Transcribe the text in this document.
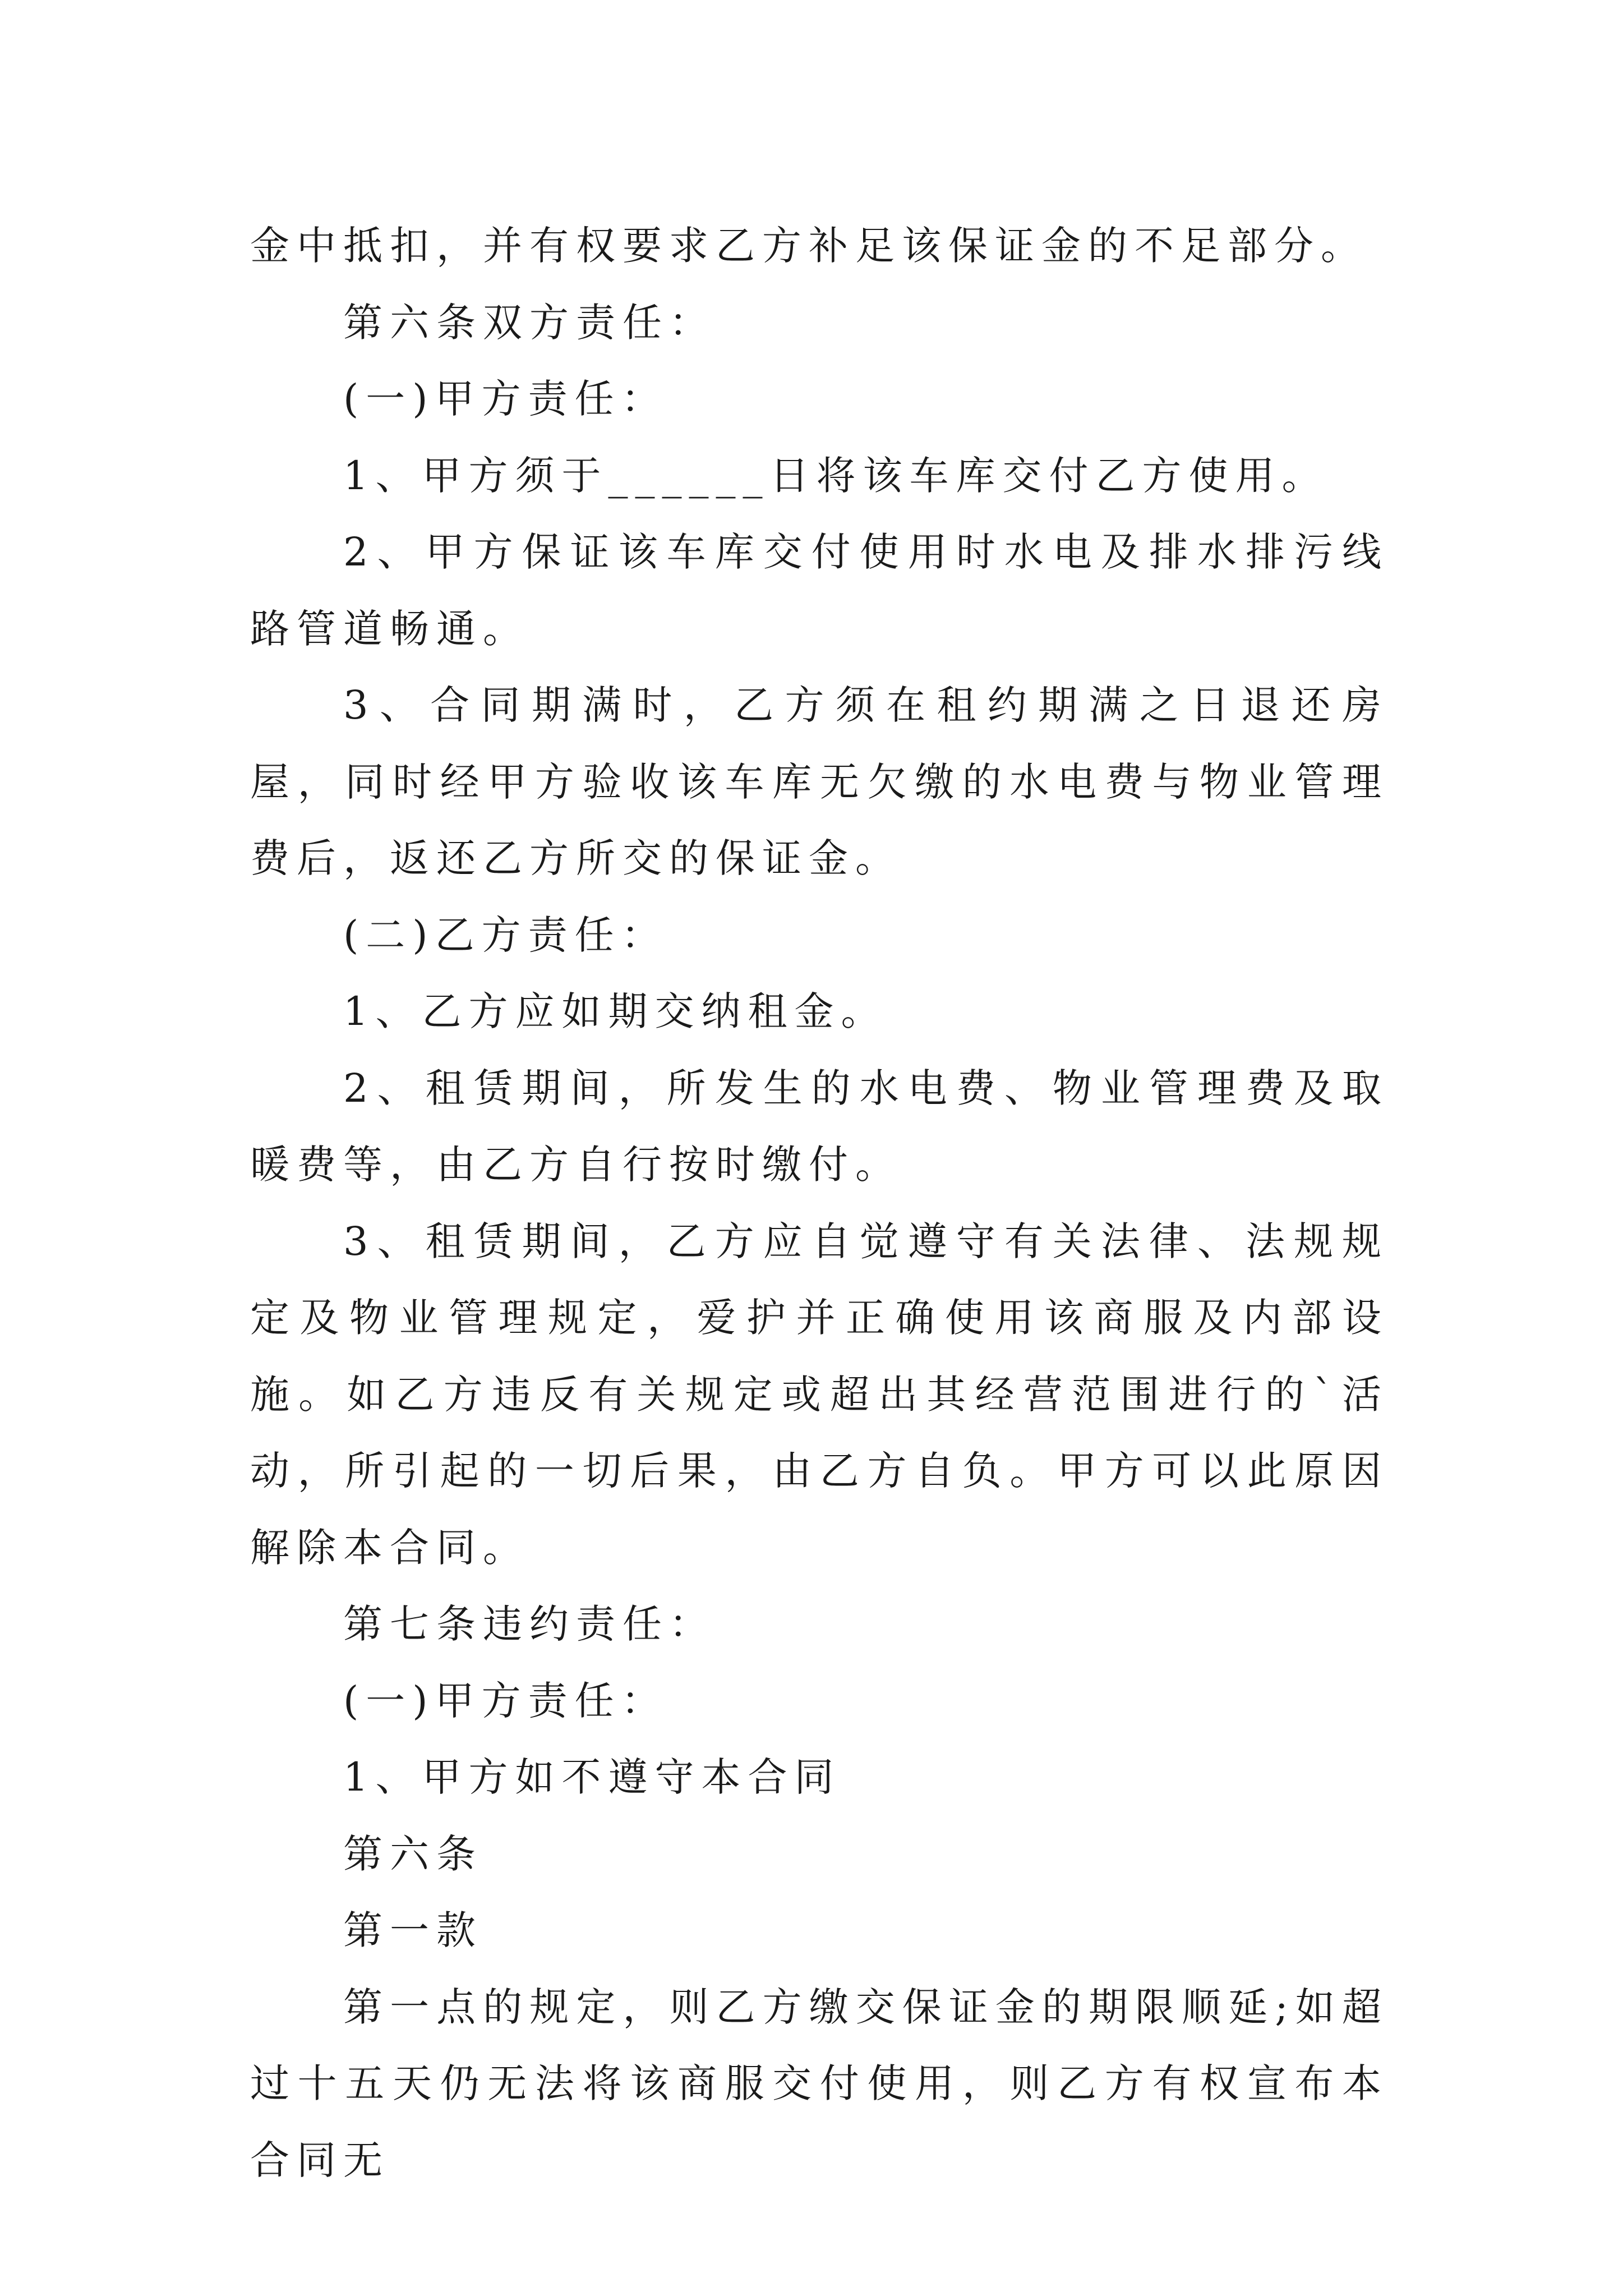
金中抵扣，并有权要求乙方补足该保证金的不足部分。

第六条双方责任：

(一)甲方责任：

1、甲方须于______日将该车库交付乙方使用。

2、甲方保证该车库交付使用时水电及排水排污线路管道畅通。

3、合同期满时，乙方须在租约期满之日退还房屋，同时经甲方验收该车库无欠缴的水电费与物业管理费后，返还乙方所交的保证金。

(二)乙方责任：

1、乙方应如期交纳租金。

2、租赁期间，所发生的水电费、物业管理费及取暖费等，由乙方自行按时缴付。

3、租赁期间，乙方应自觉遵守有关法律、法规规定及物业管理规定，爱护并正确使用该商服及内部设施。如乙方违反有关规定或超出其经营范围进行的`活动，所引起的一切后果，由乙方自负。甲方可以此原因解除本合同。

第七条违约责任：

(一)甲方责任：

1、甲方如不遵守本合同

第六条

第一款

第一点的规定，则乙方缴交保证金的期限顺延;如超过十五天仍无法将该商服交付使用，则乙方有权宣布本合同无
